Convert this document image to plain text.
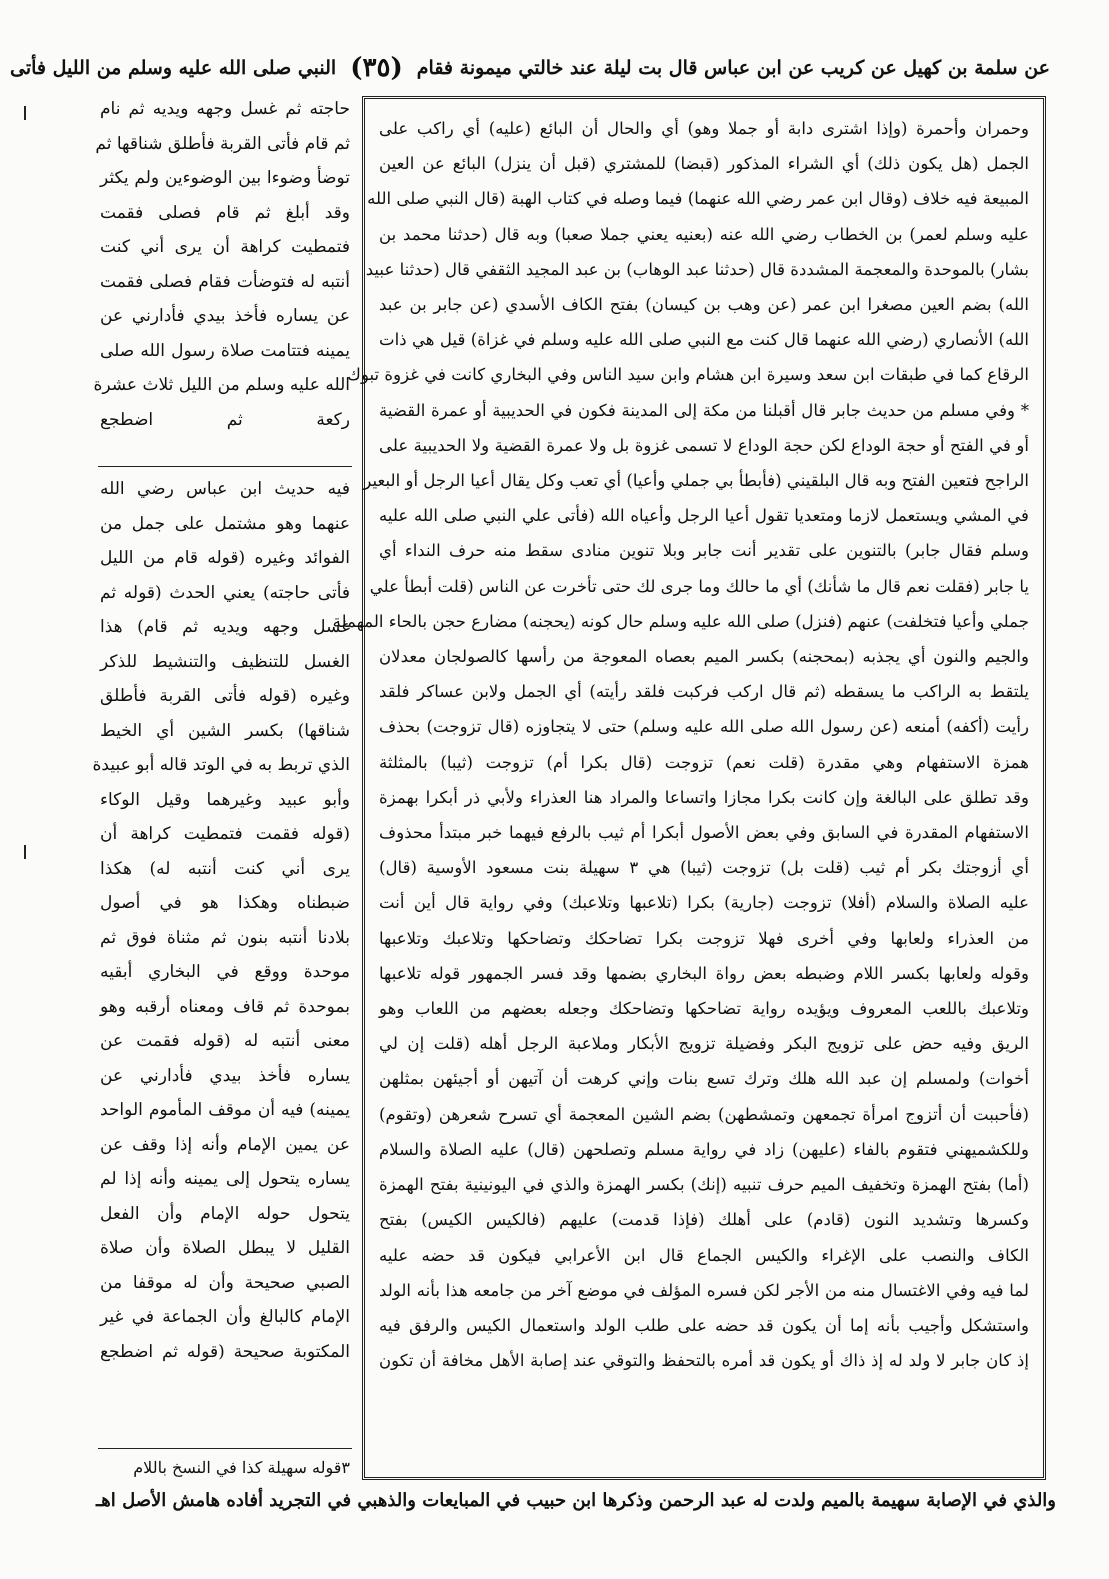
عن سلمة بن كهيل عن كريب عن ابن عباس قال بت ليلة عند خالتي ميمونة فقام
(٣٥)
النبي صلى الله عليه وسلم من الليل فأتى

وحمران وأحمرة (وإذا اشترى دابة أو جملا وهو) أي والحال أن البائع (عليه) أي راكب على

الجمل (هل يكون ذلك) أي الشراء المذكور (قبضا) للمشتري (قبل أن ينزل) البائع عن العين

المبيعة فيه خلاف (وقال ابن عمر رضي الله عنهما) فيما وصله في كتاب الهبة (قال النبي صلى الله

عليه وسلم لعمر) بن الخطاب رضي الله عنه (بعنيه يعني جملا صعبا) وبه قال (حدثنا محمد بن

بشار) بالموحدة والمعجمة المشددة قال (حدثنا عبد الوهاب) بن عبد المجيد الثقفي قال (حدثنا عبيد

الله) بضم العين مصغرا ابن عمر (عن وهب بن كيسان) بفتح الكاف الأسدي (عن جابر بن عبد

الله) الأنصاري (رضي الله عنهما قال كنت مع النبي صلى الله عليه وسلم في غزاة) قيل هي ذات

الرقاع كما في طبقات ابن سعد وسيرة ابن هشام وابن سيد الناس وفي البخاري كانت في غزوة تبوك

* وفي مسلم من حديث جابر قال أقبلنا من مكة إلى المدينة فكون في الحديبية أو عمرة القضية

أو في الفتح أو حجة الوداع لكن حجة الوداع لا تسمى غزوة بل ولا عمرة القضية ولا الحديبية على

الراجح فتعين الفتح وبه قال البلقيني (فأبطأ بي جملي وأعيا) أي تعب وكل يقال أعيا الرجل أو البعير

في المشي ويستعمل لازما ومتعديا تقول أعيا الرجل وأعياه الله (فأتى علي النبي صلى الله عليه

وسلم فقال جابر) بالتنوين على تقدير أنت جابر وبلا تنوين منادى سقط منه حرف النداء أي

يا جابر (فقلت نعم قال ما شأنك) أي ما حالك وما جرى لك حتى تأخرت عن الناس (قلت أبطأ علي

جملي وأعيا فتخلفت) عنهم (فنزل) صلى الله عليه وسلم حال كونه (يحجنه) مضارع حجن بالحاء المهملة

والجيم والنون أي يجذبه (بمحجنه) بكسر الميم بعصاه المعوجة من رأسها كالصولجان معدلان

يلتقط به الراكب ما يسقطه (ثم قال اركب فركبت فلقد رأيته) أي الجمل ولابن عساكر فلقد

رأيت (أكفه) أمنعه (عن رسول الله صلى الله عليه وسلم) حتى لا يتجاوزه (قال تزوجت) بحذف

همزة الاستفهام وهي مقدرة (قلت نعم) تزوجت (قال بكرا أم) تزوجت (ثيبا) بالمثلثة

وقد تطلق على البالغة وإن كانت بكرا مجازا واتساعا والمراد هنا العذراء ولأبي ذر أبكرا بهمزة

الاستفهام المقدرة في السابق وفي بعض الأصول أبكرا أم ثيب بالرفع فيهما خبر مبتدأ محذوف

أي أزوجتك بكر أم ثيب (قلت بل) تزوجت (ثيبا) هي ٣ سهيلة بنت مسعود الأوسية (قال)

عليه الصلاة والسلام (أفلا) تزوجت (جارية) بكرا (تلاعبها وتلاعبك) وفي رواية قال أين أنت

من العذراء ولعابها وفي أخرى فهلا تزوجت بكرا تضاحكك وتضاحكها وتلاعبك وتلاعبها

وقوله ولعابها بكسر اللام وضبطه بعض رواة البخاري بضمها وقد فسر الجمهور قوله تلاعبها

وتلاعبك باللعب المعروف ويؤيده رواية تضاحكها وتضاحكك وجعله بعضهم من اللعاب وهو

الريق وفيه حض على تزويج البكر وفضيلة تزويج الأبكار وملاعبة الرجل أهله (قلت إن لي

أخوات) ولمسلم إن عبد الله هلك وترك تسع بنات وإني كرهت أن آتيهن أو أجيئهن بمثلهن

(فأحببت أن أتزوج امرأة تجمعهن وتمشطهن) بضم الشين المعجمة أي تسرح شعرهن (وتقوم)

وللكشميهني فتقوم بالفاء (عليهن) زاد في رواية مسلم وتصلحهن (قال) عليه الصلاة والسلام

(أما) بفتح الهمزة وتخفيف الميم حرف تنبيه (إنك) بكسر الهمزة والذي في اليونينية بفتح الهمزة

وكسرها وتشديد النون (قادم) على أهلك (فإذا قدمت) عليهم (فالكيس الكيس) بفتح

الكاف والنصب على الإغراء والكيس الجماع قال ابن الأعرابي فيكون قد حضه عليه

لما فيه وفي الاغتسال منه من الأجر لكن فسره المؤلف في موضع آخر من جامعه هذا بأنه الولد

واستشكل وأجيب بأنه إما أن يكون قد حضه على طلب الولد واستعمال الكيس والرفق فيه

إذ كان جابر لا ولد له إذ ذاك أو يكون قد أمره بالتحفظ والتوقي عند إصابة الأهل مخافة أن تكون

حاجته ثم غسل وجهه ويديه ثم نام

ثم قام فأتى القربة فأطلق شناقها ثم

توضأ وضوءا بين الوضوءين ولم يكثر

وقد أبلغ ثم قام فصلى فقمت

فتمطيت كراهة أن يرى أني كنت

أنتبه له فتوضأت فقام فصلى فقمت

عن يساره فأخذ بيدي فأدارني عن

يمينه فتتامت صلاة رسول الله صلى

الله عليه وسلم من الليل ثلاث عشرة

ركعة ثم اضطجع

فيه حديث ابن عباس رضي الله

عنهما وهو مشتمل على جمل من

الفوائد وغيره (قوله قام من الليل

فأتى حاجته) يعني الحدث (قوله ثم

غسل وجهه ويديه ثم قام) هذا

الغسل للتنظيف والتنشيط للذكر

وغيره (قوله فأتى القربة فأطلق

شناقها) بكسر الشين أي الخيط

الذي تربط به في الوتد قاله أبو عبيدة

وأبو عبيد وغيرهما وقيل الوكاء

(قوله فقمت فتمطيت كراهة أن

يرى أني كنت أنتبه له) هكذا

ضبطناه وهكذا هو في أصول

بلادنا أنتبه بنون ثم مثناة فوق ثم

موحدة ووقع في البخاري أبقيه

بموحدة ثم قاف ومعناه أرقبه وهو

معنى أنتبه له (قوله فقمت عن

يساره فأخذ بيدي فأدارني عن

يمينه) فيه أن موقف المأموم الواحد

عن يمين الإمام وأنه إذا وقف عن

يساره يتحول إلى يمينه وأنه إذا لم

يتحول حوله الإمام وأن الفعل

القليل لا يبطل الصلاة وأن صلاة

الصبي صحيحة وأن له موقفا من

الإمام كالبالغ وأن الجماعة في غير

المكتوبة صحيحة (قوله ثم اضطجع

٣قوله سهيلة كذا في النسخ باللام
والذي في الإصابة سهيمة بالميم ولدت له عبد الرحمن وذكرها ابن حبيب في المبايعات والذهبي في التجريد أفاده هامش الأصل اهـ
